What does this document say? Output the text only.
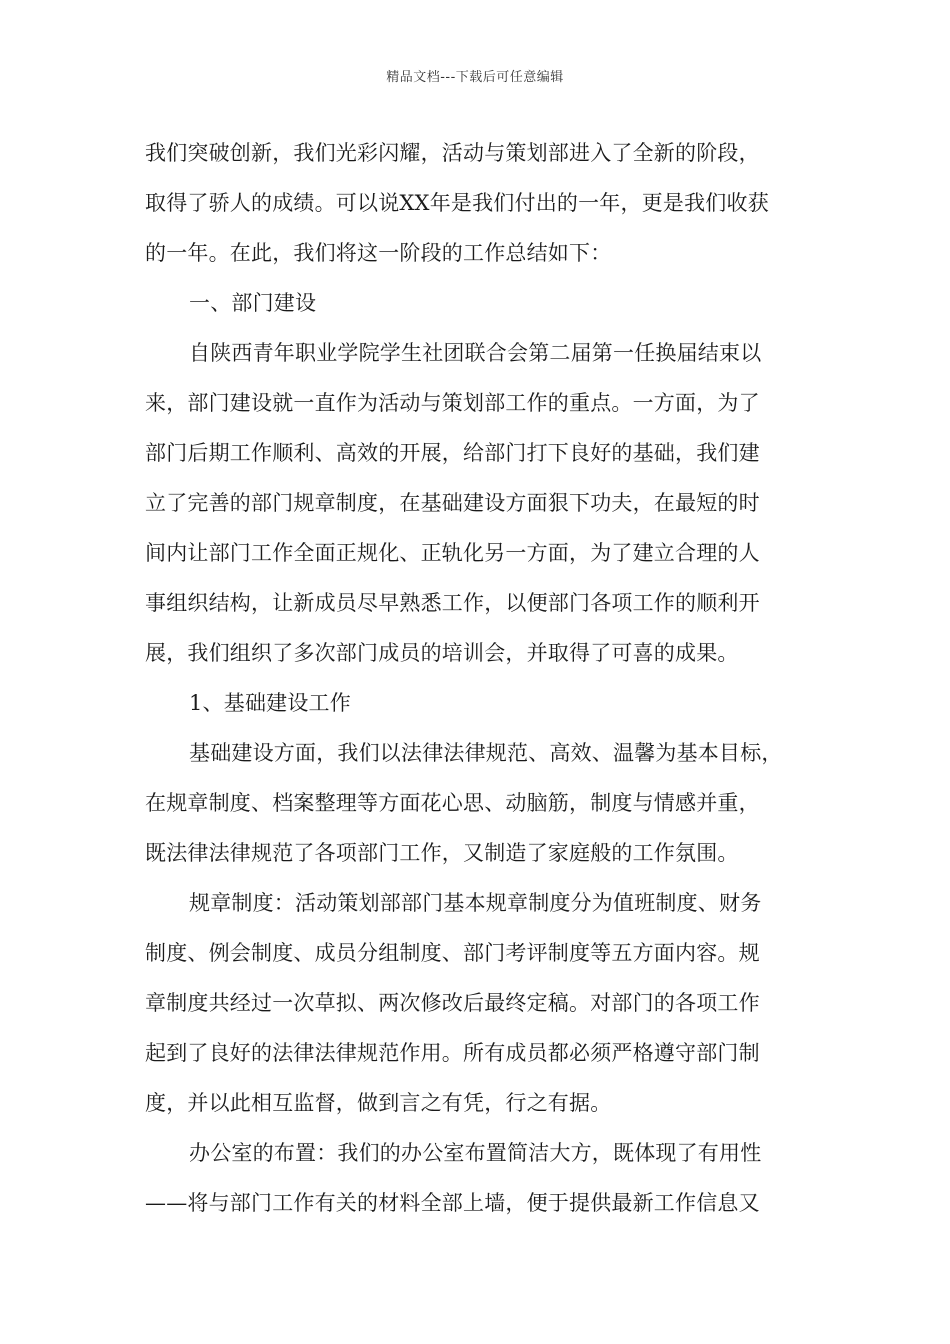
精品文档---下载后可任意编辑
我们突破创新，我们光彩闪耀，活动与策划部进入了全新的阶段，
取得了骄人的成绩。可以说XX年是我们付出的一年，更是我们收获
的一年。在此，我们将这一阶段的工作总结如下：
一、部门建设
自陕西青年职业学院学生社团联合会第二届第一任换届结束以
来，部门建设就一直作为活动与策划部工作的重点。一方面，为了
部门后期工作顺利、高效的开展，给部门打下良好的基础，我们建
立了完善的部门规章制度，在基础建设方面狠下功夫，在最短的时
间内让部门工作全面正规化、正轨化另一方面，为了建立合理的人
事组织结构，让新成员尽早熟悉工作，以便部门各项工作的顺利开
展，我们组织了多次部门成员的培训会，并取得了可喜的成果。
1、基础建设工作
基础建设方面，我们以法律法律规范、高效、温馨为基本目标，
在规章制度、档案整理等方面花心思、动脑筋，制度与情感并重，
既法律法律规范了各项部门工作，又制造了家庭般的工作氛围。
规章制度：活动策划部部门基本规章制度分为值班制度、财务
制度、例会制度、成员分组制度、部门考评制度等五方面内容。规
章制度共经过一次草拟、两次修改后最终定稿。对部门的各项工作
起到了良好的法律法律规范作用。所有成员都必须严格遵守部门制
度，并以此相互监督，做到言之有凭，行之有据。
办公室的布置：我们的办公室布置简洁大方，既体现了有用性
——将与部门工作有关的材料全部上墙，便于提供最新工作信息又
